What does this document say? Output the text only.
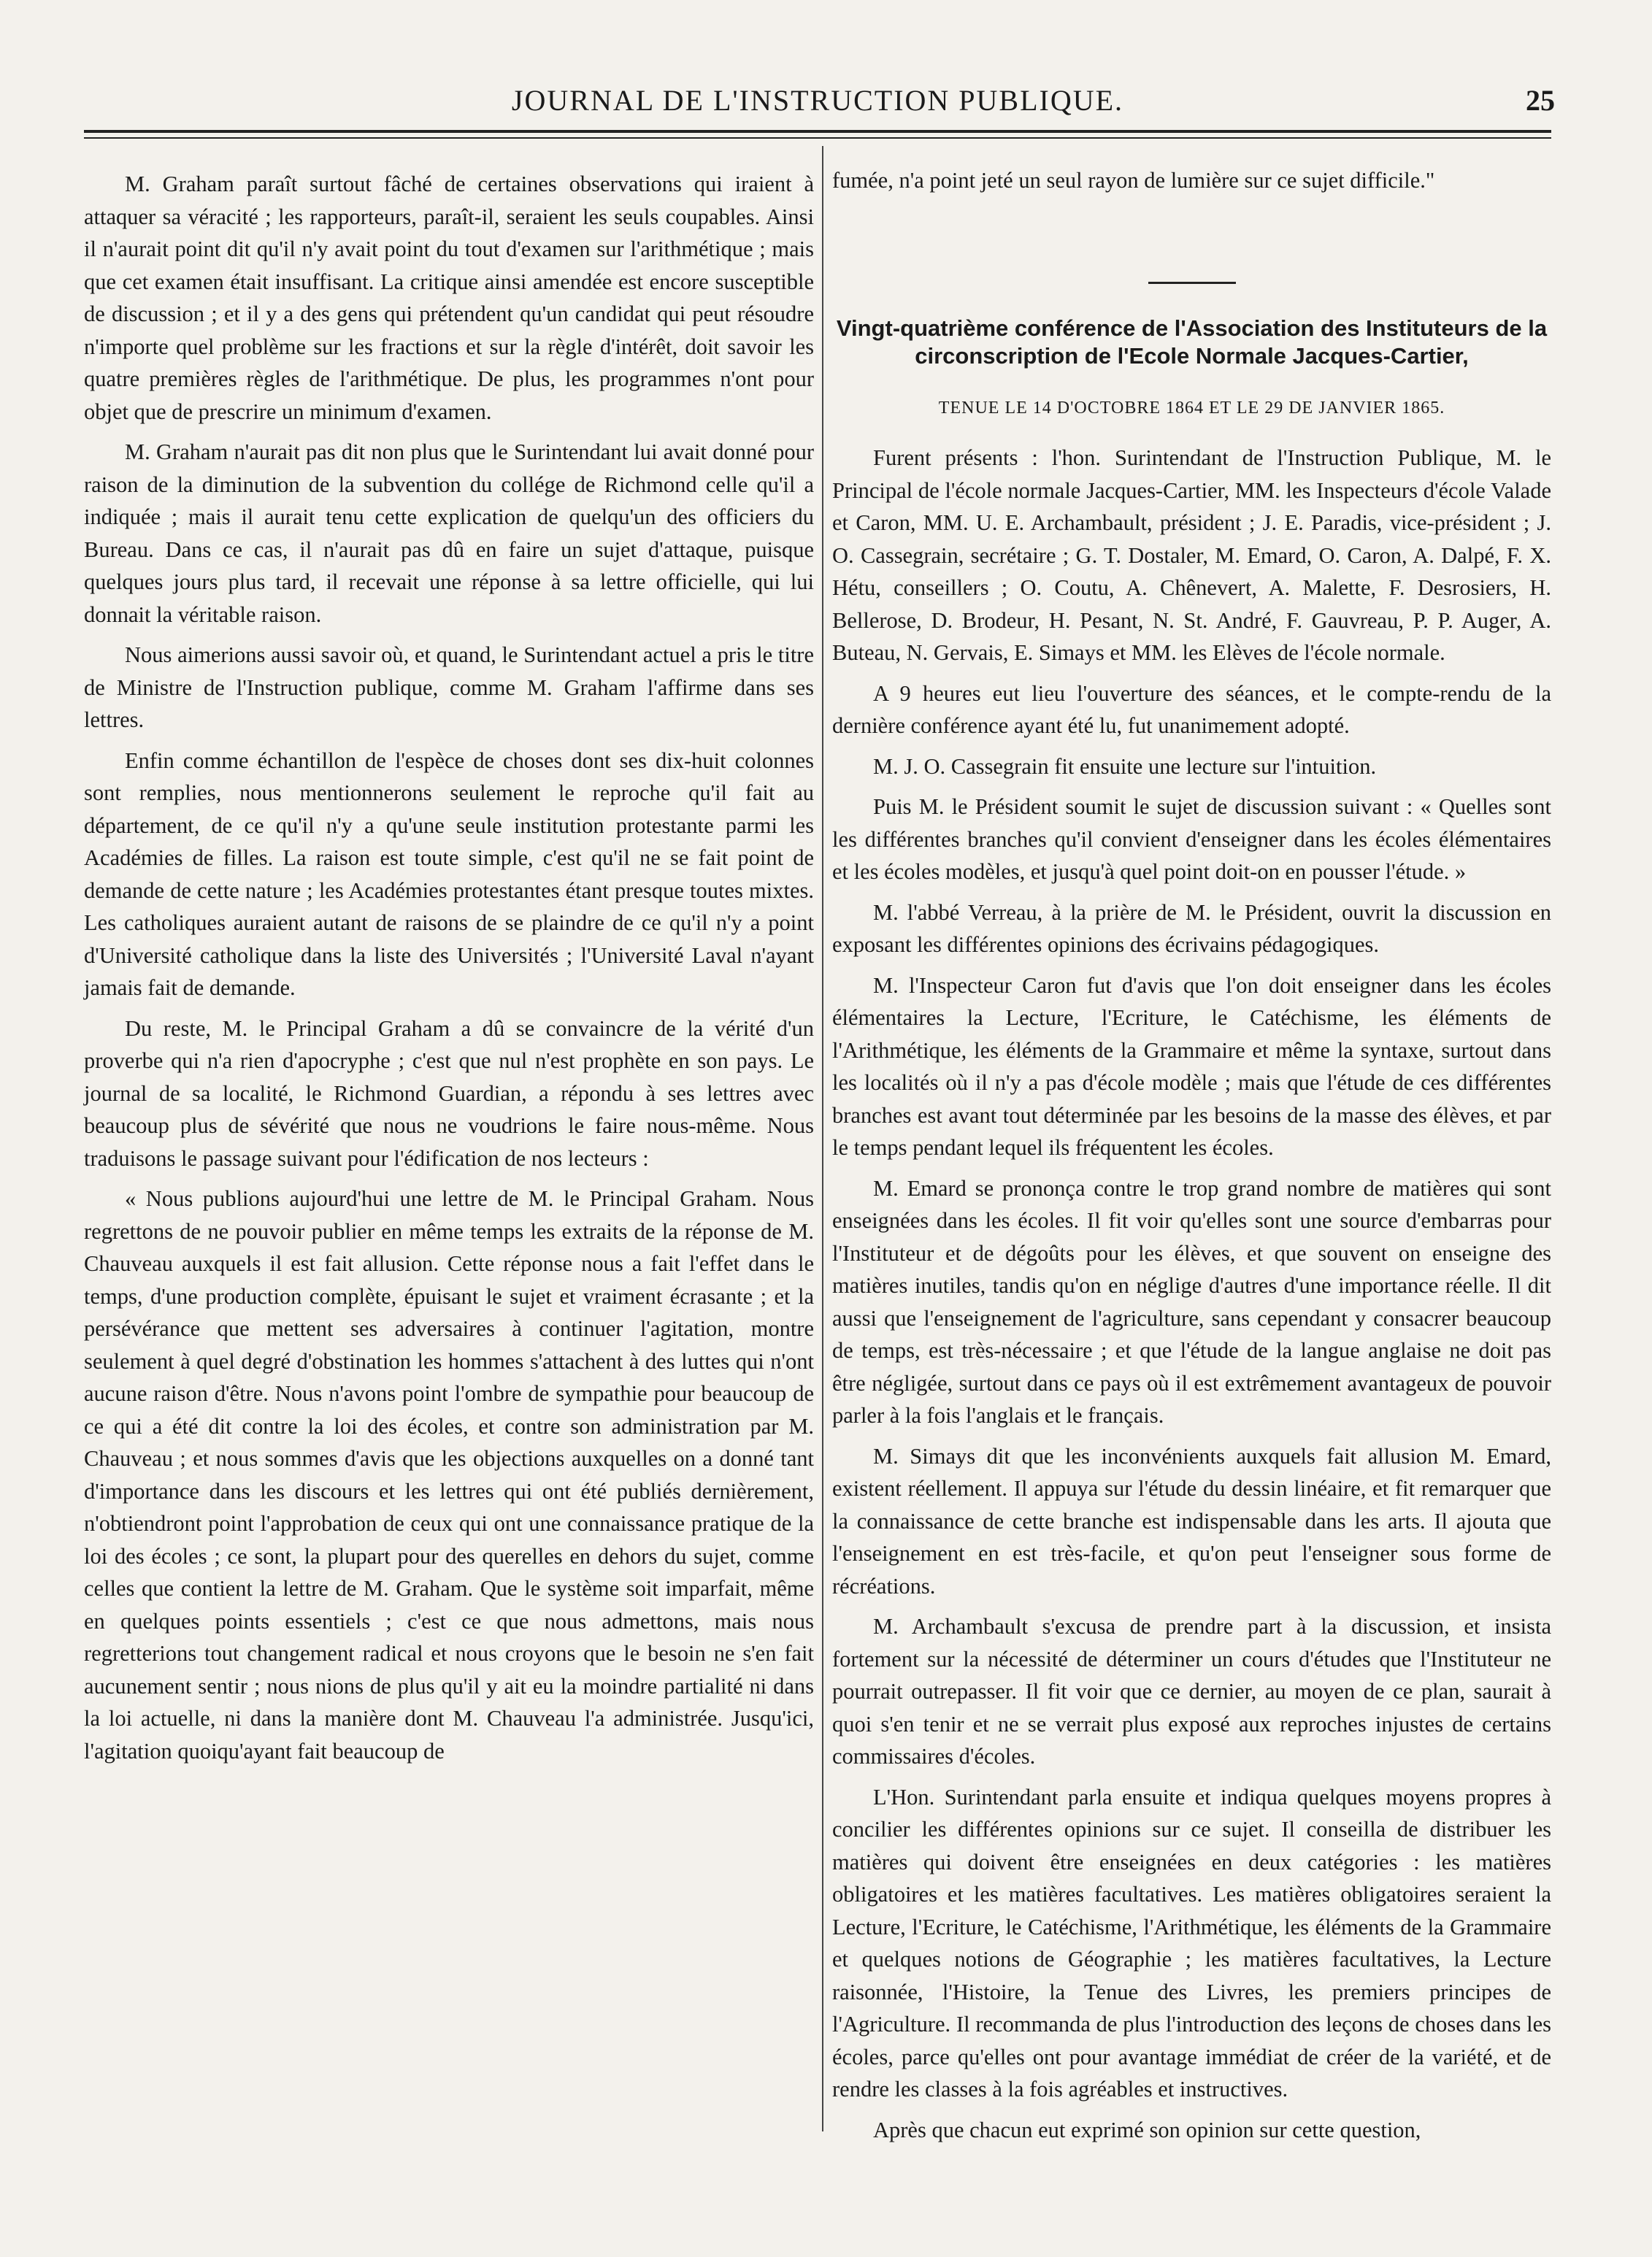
JOURNAL DE L'INSTRUCTION PUBLIQUE.	25

M. Graham paraît surtout fâché de certaines observations qui iraient à attaquer sa véracité ; les rapporteurs, paraît-il, seraient les seuls coupables. Ainsi il n'aurait point dit qu'il n'y avait point du tout d'examen sur l'arithmétique ; mais que cet examen était insuffisant. La critique ainsi amendée est encore susceptible de discussion ; et il y a des gens qui prétendent qu'un candidat qui peut résoudre n'importe quel problème sur les fractions et sur la règle d'intérêt, doit savoir les quatre premières règles de l'arithmétique. De plus, les programmes n'ont pour objet que de prescrire un minimum d'examen.

M. Graham n'aurait pas dit non plus que le Surintendant lui avait donné pour raison de la diminution de la subvention du collége de Richmond celle qu'il a indiquée ; mais il aurait tenu cette explication de quelqu'un des officiers du Bureau. Dans ce cas, il n'aurait pas dû en faire un sujet d'attaque, puisque quelques jours plus tard, il recevait une réponse à sa lettre officielle, qui lui donnait la véritable raison.

Nous aimerions aussi savoir où, et quand, le Surintendant actuel a pris le titre de Ministre de l'Instruction publique, comme M. Graham l'affirme dans ses lettres.

Enfin comme échantillon de l'espèce de choses dont ses dix-huit colonnes sont remplies, nous mentionnerons seulement le reproche qu'il fait au département, de ce qu'il n'y a qu'une seule institution protestante parmi les Académies de filles. La raison est toute simple, c'est qu'il ne se fait point de demande de cette nature ; les Académies protestantes étant presque toutes mixtes. Les catholiques auraient autant de raisons de se plaindre de ce qu'il n'y a point d'Université catholique dans la liste des Universités ; l'Université Laval n'ayant jamais fait de demande.

Du reste, M. le Principal Graham a dû se convaincre de la vérité d'un proverbe qui n'a rien d'apocryphe ; c'est que nul n'est prophète en son pays. Le journal de sa localité, le Richmond Guardian, a répondu à ses lettres avec beaucoup plus de sévérité que nous ne voudrions le faire nous-même. Nous traduisons le passage suivant pour l'édification de nos lecteurs :

« Nous publions aujourd'hui une lettre de M. le Principal Graham. Nous regrettons de ne pouvoir publier en même temps les extraits de la réponse de M. Chauveau auxquels il est fait allusion. Cette réponse nous a fait l'effet dans le temps, d'une production complète, épuisant le sujet et vraiment écrasante ; et la persévérance que mettent ses adversaires à continuer l'agitation, montre seulement à quel degré d'obstination les hommes s'attachent à des luttes qui n'ont aucune raison d'être. Nous n'avons point l'ombre de sympathie pour beaucoup de ce qui a été dit contre la loi des écoles, et contre son administration par M. Chauveau ; et nous sommes d'avis que les objections auxquelles on a donné tant d'importance dans les discours et les lettres qui ont été publiés dernièrement, n'obtiendront point l'approbation de ceux qui ont une connaissance pratique de la loi des écoles ; ce sont, la plupart pour des querelles en dehors du sujet, comme celles que contient la lettre de M. Graham. Que le système soit imparfait, même en quelques points essentiels ; c'est ce que nous admettons, mais nous regretterions tout changement radical et nous croyons que le besoin ne s'en fait aucunement sentir ; nous nions de plus qu'il y ait eu la moindre partialité ni dans la loi actuelle, ni dans la manière dont M. Chauveau l'a administrée. Jusqu'ici, l'agitation quoiqu'ayant fait beaucoup de

fumée, n'a point jeté un seul rayon de lumière sur ce sujet difficile."

Vingt-quatrième conférence de l'Association des Instituteurs de la circonscription de l'Ecole Normale Jacques-Cartier,
TENUE LE 14 D'OCTOBRE 1864 ET LE 29 DE JANVIER 1865.

Furent présents : l'hon. Surintendant de l'Instruction Publique, M. le Principal de l'école normale Jacques-Cartier, MM. les Inspecteurs d'école Valade et Caron, MM. U. E. Archambault, président ; J. E. Paradis, vice-président ; J. O. Cassegrain, secrétaire ; G. T. Dostaler, M. Emard, O. Caron, A. Dalpé, F. X. Hétu, conseillers ; O. Coutu, A. Chênevert, A. Malette, F. Desrosiers, H. Bellerose, D. Brodeur, H. Pesant, N. St. André, F. Gauvreau, P. P. Auger, A. Buteau, N. Gervais, E. Simays et MM. les Elèves de l'école normale.

A 9 heures eut lieu l'ouverture des séances, et le compte-rendu de la dernière conférence ayant été lu, fut unanimement adopté.

M. J. O. Cassegrain fit ensuite une lecture sur l'intuition.

Puis M. le Président soumit le sujet de discussion suivant : « Quelles sont les différentes branches qu'il convient d'enseigner dans les écoles élémentaires et les écoles modèles, et jusqu'à quel point doit-on en pousser l'étude. »

M. l'abbé Verreau, à la prière de M. le Président, ouvrit la discussion en exposant les différentes opinions des écrivains pédagogiques.

M. l'Inspecteur Caron fut d'avis que l'on doit enseigner dans les écoles élémentaires la Lecture, l'Ecriture, le Catéchisme, les éléments de l'Arithmétique, les éléments de la Grammaire et même la syntaxe, surtout dans les localités où il n'y a pas d'école modèle ; mais que l'étude de ces différentes branches est avant tout déterminée par les besoins de la masse des élèves, et par le temps pendant lequel ils fréquentent les écoles.

M. Emard se prononça contre le trop grand nombre de matières qui sont enseignées dans les écoles. Il fit voir qu'elles sont une source d'embarras pour l'Instituteur et de dégoûts pour les élèves, et que souvent on enseigne des matières inutiles, tandis qu'on en néglige d'autres d'une importance réelle. Il dit aussi que l'enseignement de l'agriculture, sans cependant y consacrer beaucoup de temps, est très-nécessaire ; et que l'étude de la langue anglaise ne doit pas être négligée, surtout dans ce pays où il est extrêmement avantageux de pouvoir parler à la fois l'anglais et le français.

M. Simays dit que les inconvénients auxquels fait allusion M. Emard, existent réellement. Il appuya sur l'étude du dessin linéaire, et fit remarquer que la connaissance de cette branche est indispensable dans les arts. Il ajouta que l'enseignement en est très-facile, et qu'on peut l'enseigner sous forme de récréations.

M. Archambault s'excusa de prendre part à la discussion, et insista fortement sur la nécessité de déterminer un cours d'études que l'Instituteur ne pourrait outrepasser. Il fit voir que ce dernier, au moyen de ce plan, saurait à quoi s'en tenir et ne se verrait plus exposé aux reproches injustes de certains commissaires d'écoles.

L'Hon. Surintendant parla ensuite et indiqua quelques moyens propres à concilier les différentes opinions sur ce sujet. Il conseilla de distribuer les matières qui doivent être enseignées en deux catégories : les matières obligatoires et les matières facultatives. Les matières obligatoires seraient la Lecture, l'Ecriture, le Catéchisme, l'Arithmétique, les éléments de la Grammaire et quelques notions de Géographie ; les matières facultatives, la Lecture raisonnée, l'Histoire, la Tenue des Livres, les premiers principes de l'Agriculture. Il recommanda de plus l'introduction des leçons de choses dans les écoles, parce qu'elles ont pour avantage immédiat de créer de la variété, et de rendre les classes à la fois agréables et instructives.

Après que chacun eut exprimé son opinion sur cette question,
